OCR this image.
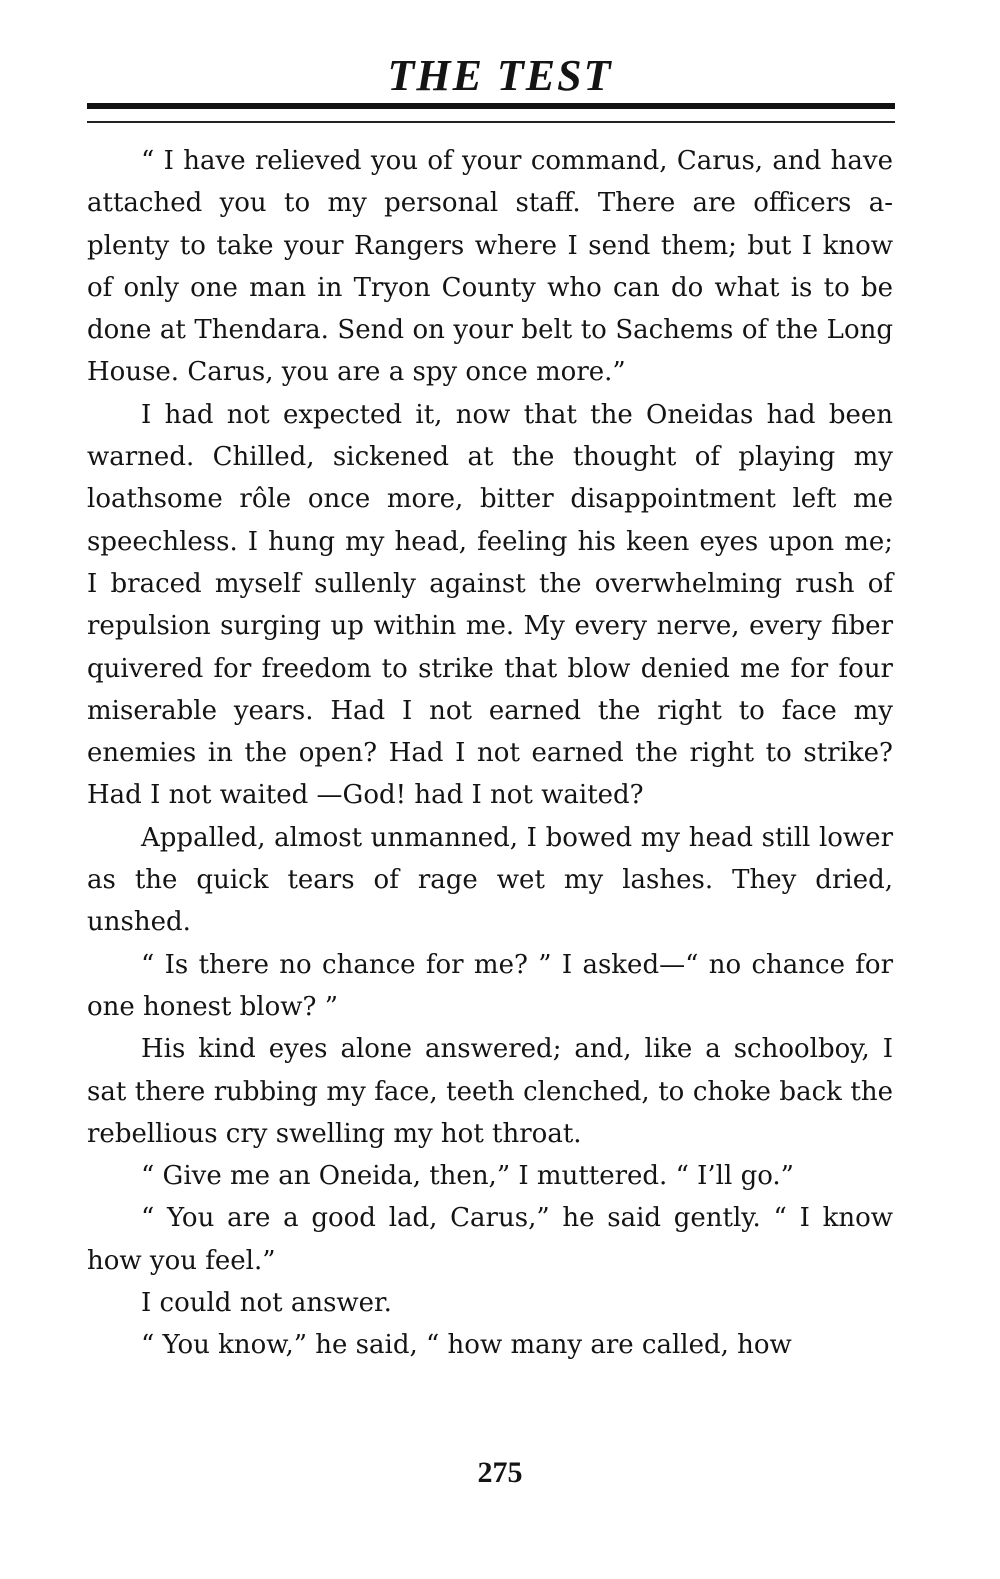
THE TEST

“ I have relieved you of your command, Carus, and have attached you to my personal staff. There are officers a-plenty to take your Rangers where I send them; but I know of only one man in Tryon County who can do what is to be done at Thendara. Send on your belt to Sachems of the Long House. Carus, you are a spy once more.”

I had not expected it, now that the Oneidas had been warned. Chilled, sickened at the thought of playing my loathsome rôle once more, bitter disappointment left me speechless. I hung my head, feeling his keen eyes upon me; I braced myself sullenly against the overwhelming rush of repulsion surging up within me. My every nerve, every fiber quivered for freedom to strike that blow denied me for four miserable years. Had I not earned the right to face my enemies in the open? Had I not earned the right to strike? Had I not waited —God! had I not waited?

Appalled, almost unmanned, I bowed my head still lower as the quick tears of rage wet my lashes. They dried, unshed.

“ Is there no chance for me? ” I asked—“ no chance for one honest blow? ”

His kind eyes alone answered; and, like a schoolboy, I sat there rubbing my face, teeth clenched, to choke back the rebellious cry swelling my hot throat.

“ Give me an Oneida, then,” I muttered. “ I’ll go.”

“ You are a good lad, Carus,” he said gently. “ I know how you feel.”

I could not answer.

“ You know,” he said, “ how many are called, how

275
